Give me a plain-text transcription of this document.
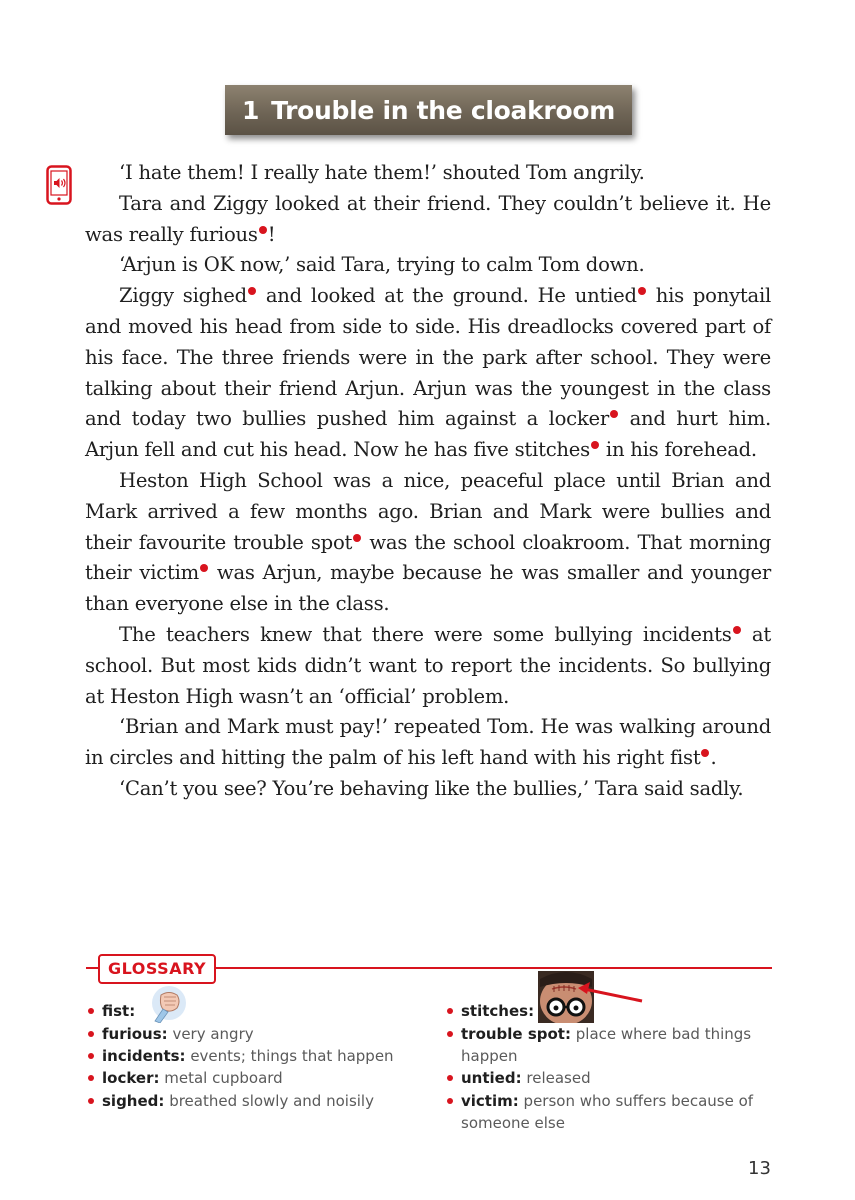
1 Trouble in the cloakroom

‘I hate them! I really hate them!’ shouted Tom angrily.

Tara and Ziggy looked at their friend. They couldn’t believe it. He was really furious !

‘Arjun is OK now,’ said Tara, trying to calm Tom down.

Ziggy sighed and looked at the ground. He untied his ponytail and moved his head from side to side. His dreadlocks covered part of his face. The three friends were in the park after school. They were talking about their friend Arjun. Arjun was the youngest in the class and today two bullies pushed him against a locker and hurt him. Arjun fell and cut his head. Now he has five stitches in his forehead.

Heston High School was a nice, peaceful place until Brian and Mark arrived a few months ago. Brian and Mark were bullies and their favourite trouble spot was the school cloakroom. That morning their victim was Arjun, maybe because he was smaller and younger than everyone else in the class.

The teachers knew that there were some bullying incidents at school. But most kids didn’t want to report the incidents. So bullying at Heston High wasn’t an ‘official’ problem.

‘Brian and Mark must pay!’ repeated Tom. He was walking around in circles and hitting the palm of his left hand with his right fist .

‘Can’t you see? You’re behaving like the bullies,’ Tara said sadly.

GLOSSARY
fist:
furious: very angry
incidents: events; things that happen
locker: metal cupboard
sighed: breathed slowly and noisily
stitches:
trouble spot: place where bad things happen
untied: released
victim: person who suffers because of someone else
13
